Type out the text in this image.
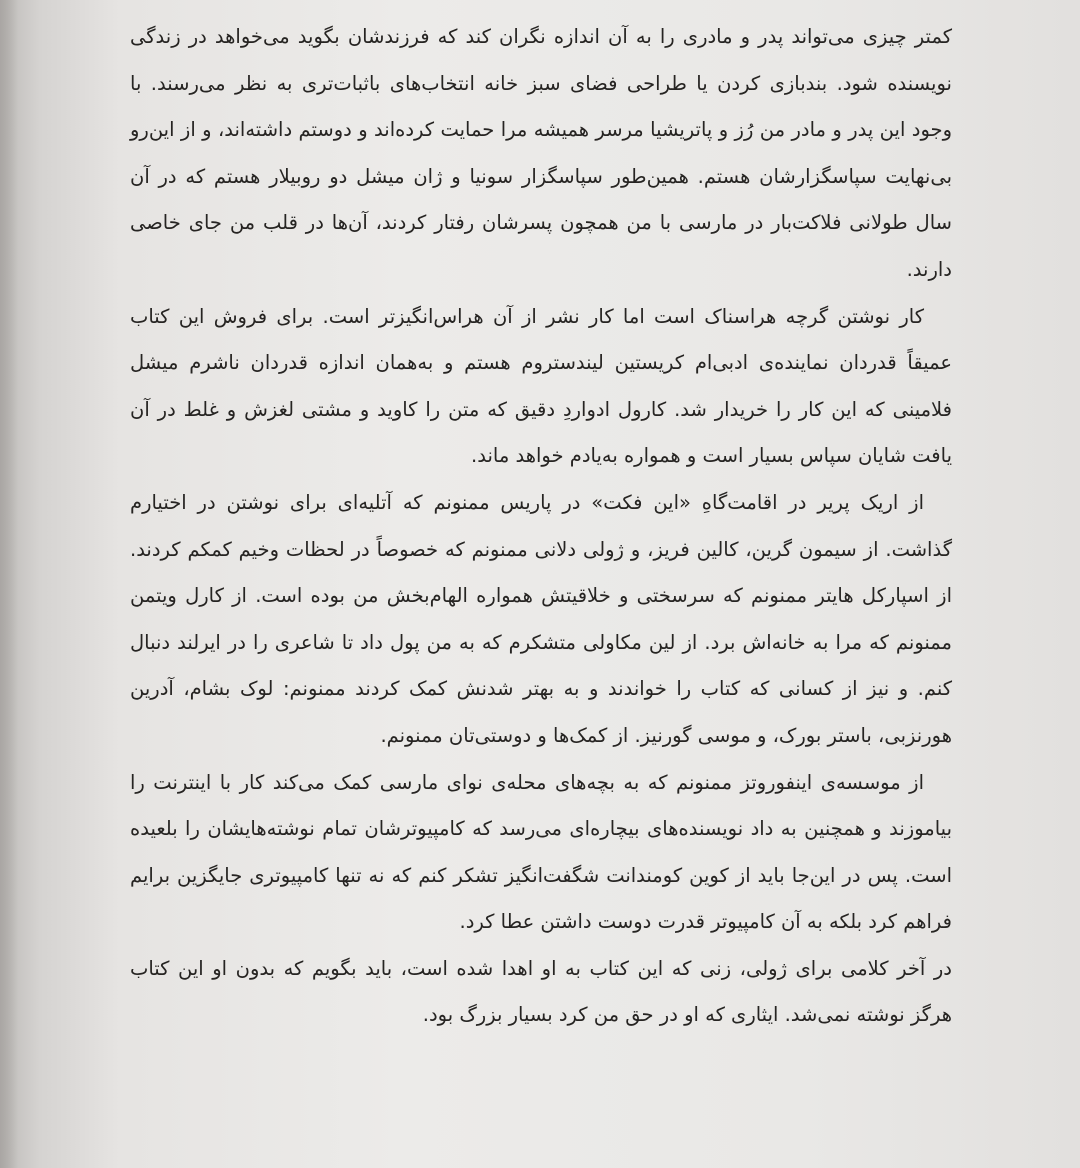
کمتر چیزی می‌تواند پدر و مادری را به آن اندازه نگران کند که فرزندشان بگوید می‌خواهد در زندگی نویسنده شود. بندبازی کردن یا طراحی فضای سبز خانه انتخاب‌های باثبات‌تری به نظر می‌رسند. با وجود این پدر و مادر من رُز و پاتریشیا مرسر همیشه مرا حمایت کرده‌اند و دوستم داشته‌اند، و از این‌رو بی‌نهایت سپاسگزارشان هستم. همین‌طور سپاسگزار سونیا و ژان میشل دو روبیلار هستم که در آن سال طولانی فلاکت‌بار در مارسی با من همچون پسرشان رفتار کردند، آن‌ها در قلب من جای خاصی دارند.

کار نوشتن گرچه هراسناک است اما کار نشر از آن هراس‌انگیزتر است. برای فروش این کتاب عمیقاً قدردان نماینده‌ی ادبی‌ام کریستین لیندستروم هستم و به‌همان اندازه قدردان ناشرم میشل فلامینی که این کار را خریدار شد. کارول ادواردِ دقیق که متن را کاوید و مشتی لغزش و غلط در آن یافت شایان سپاس بسیار است و همواره به‌یادم خواهد ماند.

از اریک پریر در اقامت‌گاهِ «این فکت» در پاریس ممنونم که آتلیه‌ای برای نوشتن در اختیارم گذاشت. از سیمون گرین، کالین فریز، و ژولی دلانی ممنونم که خصوصاً در لحظات وخیم کمکم کردند. از اسپارکل هایتر ممنونم که سرسختی و خلاقیتش همواره الهام‌بخش من بوده است. از کارل ویتمن ممنونم که مرا به خانه‌اش برد. از لین مکاولی متشکرم که به من پول داد تا شاعری را در ایرلند دنبال کنم. و نیز از کسانی که کتاب را خواندند و به بهتر شدنش کمک کردند ممنونم: لوک بشام، آدرین هورنزبی، باستر بورک، و موسی گورنیز. از کمک‌ها و دوستی‌تان ممنونم.

از موسسه‌ی اینفوروتز ممنونم که به بچه‌های محله‌ی نوای مارسی کمک می‌کند کار با اینترنت را بیاموزند و همچنین به داد نویسنده‌های بیچاره‌ای می‌رسد که کامپیوترشان تمام نوشته‌هایشان را بلعیده است. پس در این‌جا باید از کوین کومندانت شگفت‌انگیز تشکر کنم که نه تنها کامپیوتری جایگزین برایم فراهم کرد بلکه به آن کامپیوتر قدرت دوست داشتن عطا کرد.

در آخر کلامی برای ژولی، زنی که این کتاب به او اهدا شده است، باید بگویم که بدون او این کتاب هرگز نوشته نمی‌شد. ایثاری که او در حق من کرد بسیار بزرگ بود.
